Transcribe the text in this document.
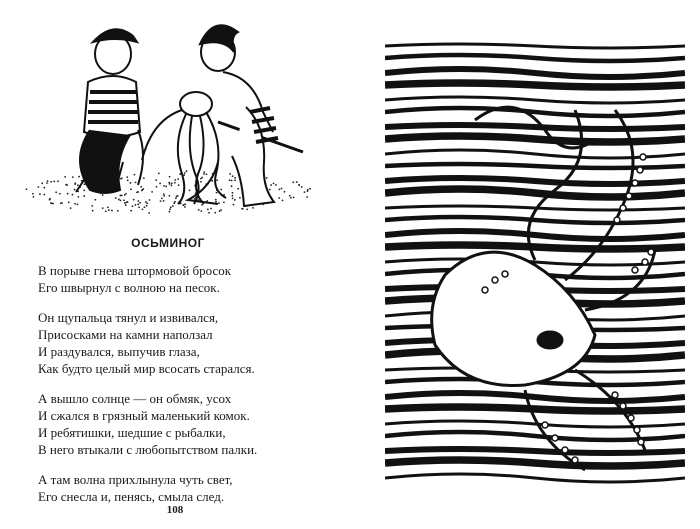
ОСЬМИНОГ
В порыве гнева штормовой бросок
Его швырнул с волною на песок.
Он щупальца тянул и извивался,
Присосками на камни наползал
И раздувался, выпучив глаза,
Как будто целый мир всосать старался.
А вышло солнце — он обмяк, усох
И сжался в грязный маленький комок.
И ребятишки, шедшие с рыбалки,
В него втыкали с любопытством палки.
А там волна прихлынула чуть свет,
Его снесла и, пенясь, смыла след.
108
